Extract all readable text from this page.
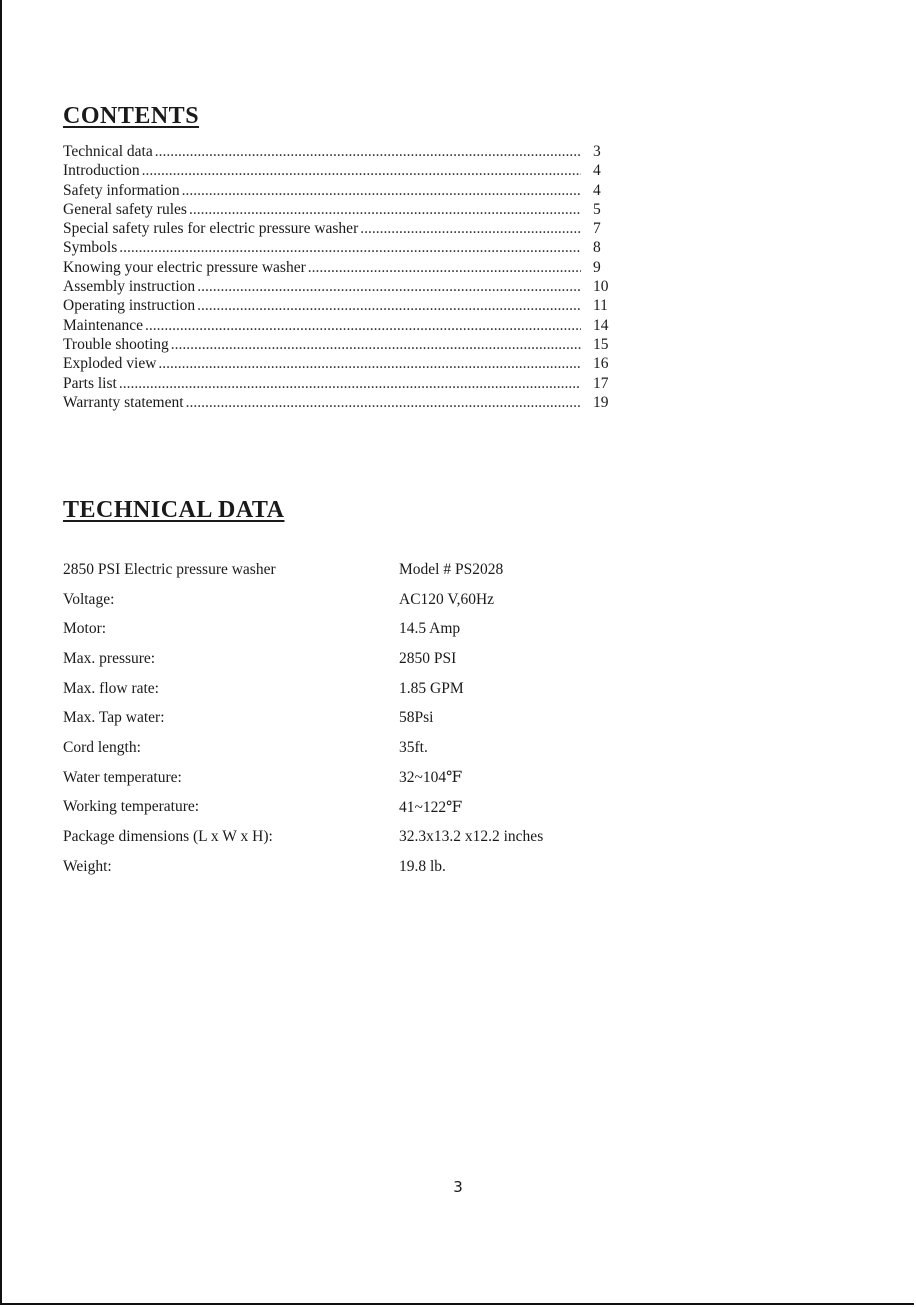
CONTENTS
Technical data .....	3
Introduction .....	4
Safety information .....	4
General safety rules .....	5
Special safety rules for electric pressure washer .....	7
Symbols .....	8
Knowing your electric pressure washer .....	9
Assembly instruction .....	10
Operating instruction .....	11
Maintenance .....	14
Trouble shooting .....	15
Exploded view .....	16
Parts list .....	17
Warranty statement .....	19
TECHNICAL DATA
2850 PSI Electric pressure washer	Model # PS2028
Voltage:	AC120 V,60Hz
Motor:	14.5 Amp
Max. pressure:	2850 PSI
Max. flow rate:	1.85 GPM
Max. Tap water:	58Psi
Cord length:	35ft.
Water temperature:	32~104℉
Working temperature:	41~122℉
Package dimensions (L x W x H):	32.3x13.2 x12.2 inches
Weight:	19.8 lb.
3
